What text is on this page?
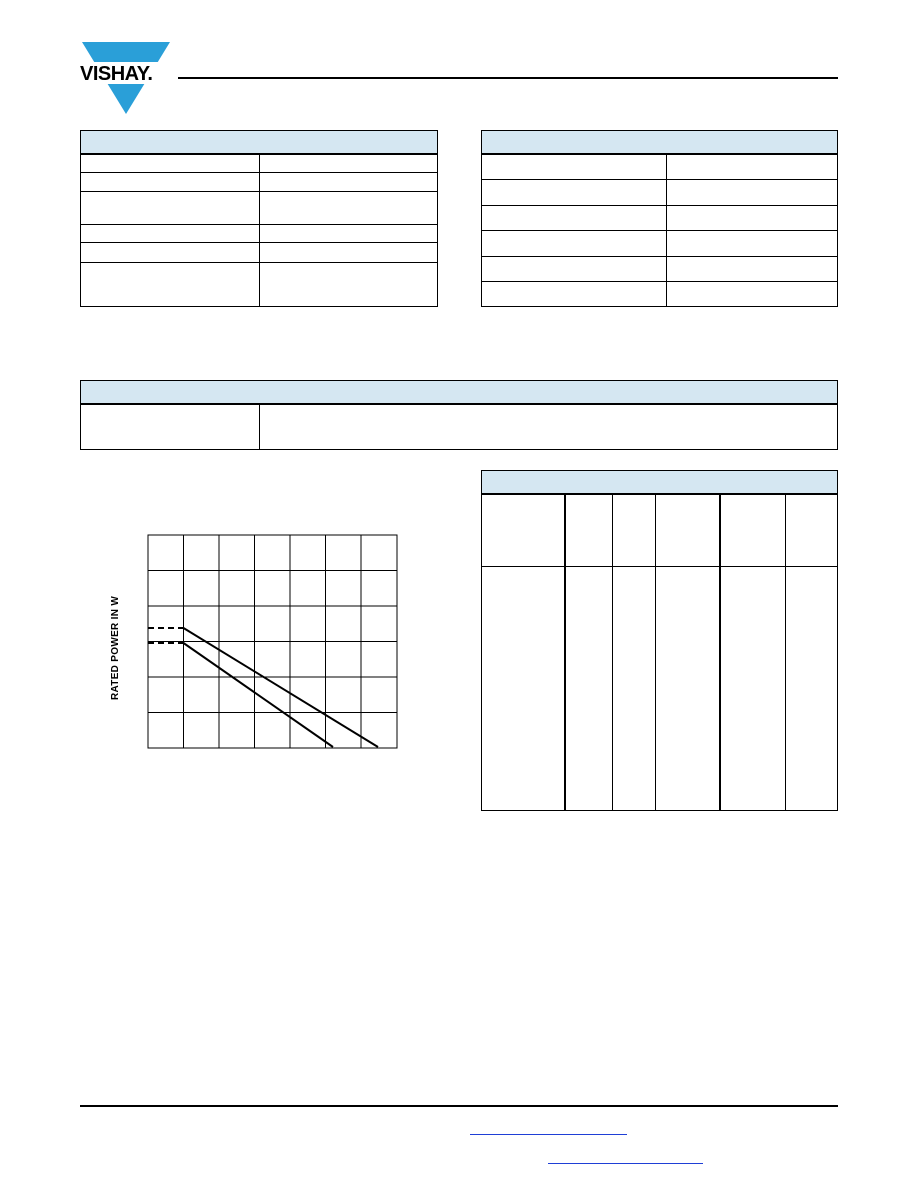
VISHAY.
RATED POWER IN W
